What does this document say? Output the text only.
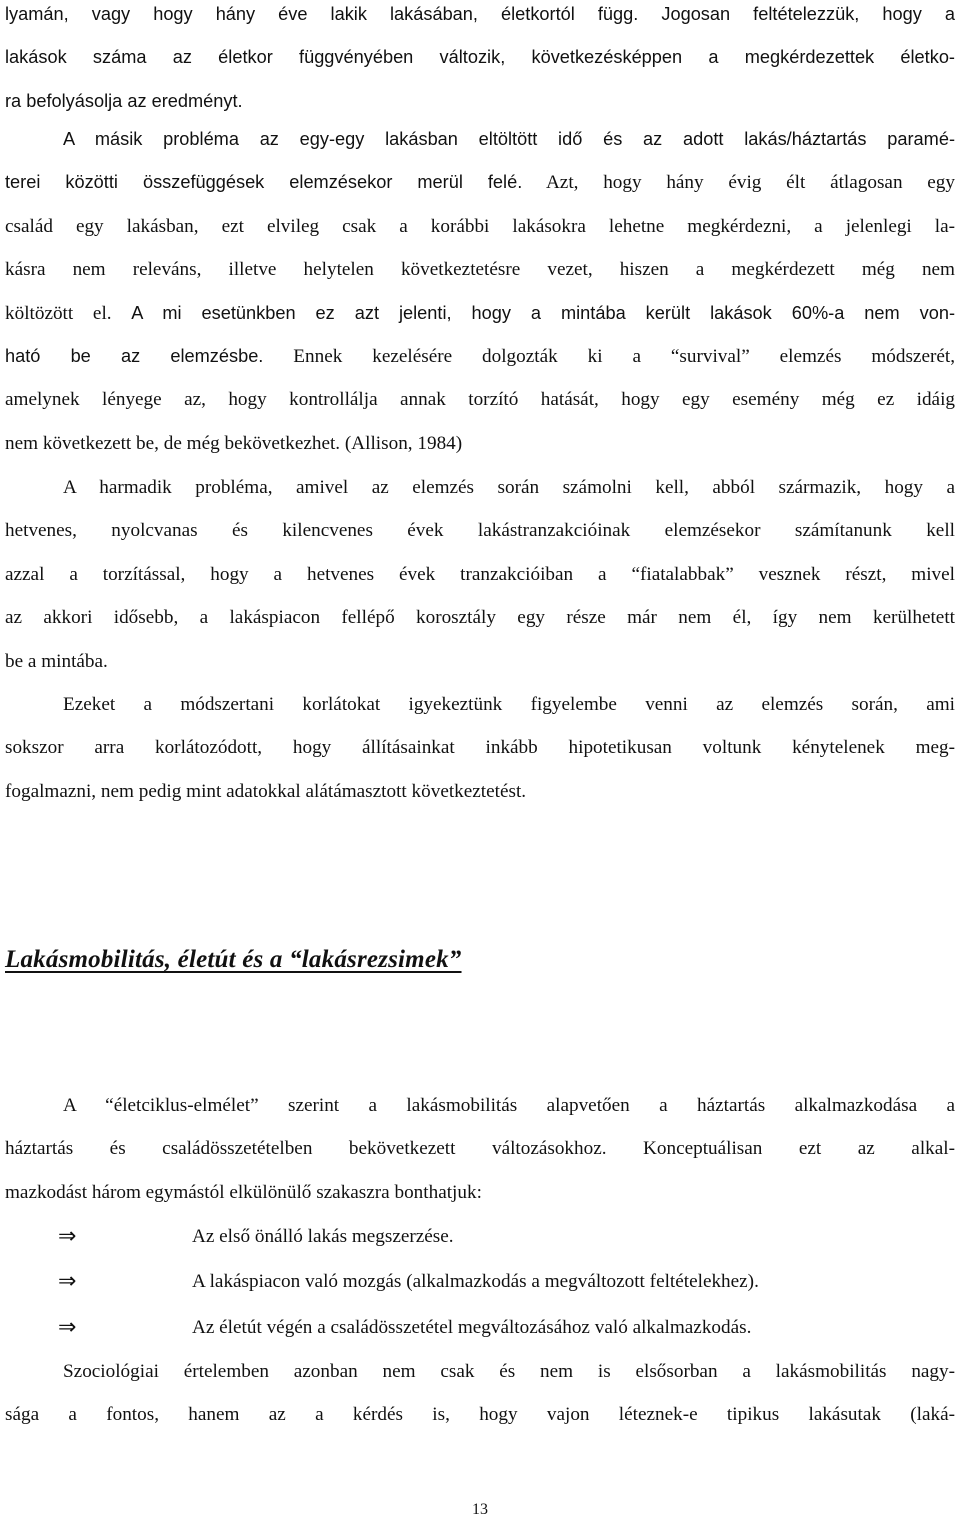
lyamán, vagy hogy hány éve lakik lakásában, életkortól függ. Jogosan feltételezzük, hogy a
lakások száma az életkor függvényében változik, következésképpen a megkérdezettek életko-
ra befolyásolja az eredményt.
A másik probléma az egy-egy lakásban eltöltött idő és az adott lakás/háztartás paramé-
terei közötti összefüggések elemzésekor merül felé. Azt, hogy hány évig élt átlagosan egy
család egy lakásban, ezt elvileg csak a korábbi lakásokra lehetne megkérdezni, a jelenlegi la-
kásra nem releváns, illetve helytelen következtetésre vezet, hiszen a megkérdezett még nem
költözött el. A mi esetünkben ez azt jelenti, hogy a mintába került lakások 60%-a nem von-
ható be az elemzésbe. Ennek kezelésére dolgozták ki a “survival” elemzés módszerét,
amelynek lényege az, hogy kontrollálja annak torzító hatását, hogy egy esemény még ez idáig
nem következett be, de még bekövetkezhet. (Allison, 1984)
A harmadik probléma, amivel az elemzés során számolni kell, abból származik, hogy a
hetvenes, nyolcvanas és kilencvenes évek lakástranzakcióinak elemzésekor számítanunk kell
azzal a torzítással, hogy a hetvenes évek tranzakcióiban a “fiatalabbak” vesznek részt, mivel
az akkori idősebb, a lakáspiacon fellépő korosztály egy része már nem él, így nem kerülhetett
be a mintába.
Ezeket a módszertani korlátokat igyekeztünk figyelembe venni az elemzés során, ami
sokszor arra korlátozódott, hogy állításainkat inkább hipotetikusan voltunk kénytelenek meg-
fogalmazni, nem pedig mint adatokkal alátámasztott következtetést.
Lakásmobilitás, életút és a “lakásrezsimek”
A “életciklus-elmélet” szerint a lakásmobilitás alapvetően a háztartás alkalmazkodása a
háztartás és családösszetételben bekövetkezett változásokhoz. Konceptuálisan ezt az alkal-
mazkodást három egymástól elkülönülő szakaszra bonthatjuk:
⇒	Az első önálló lakás megszerzése.
⇒	A lakáspiacon való mozgás (alkalmazkodás a megváltozott feltételekhez).
⇒	Az életút végén a családösszetétel megváltozásához való alkalmazkodás.
Szociológiai értelemben azonban nem csak és nem is elsősorban a lakásmobilitás nagy-
sága a fontos, hanem az a kérdés is, hogy vajon léteznek-e tipikus lakásutak (laká-
13
